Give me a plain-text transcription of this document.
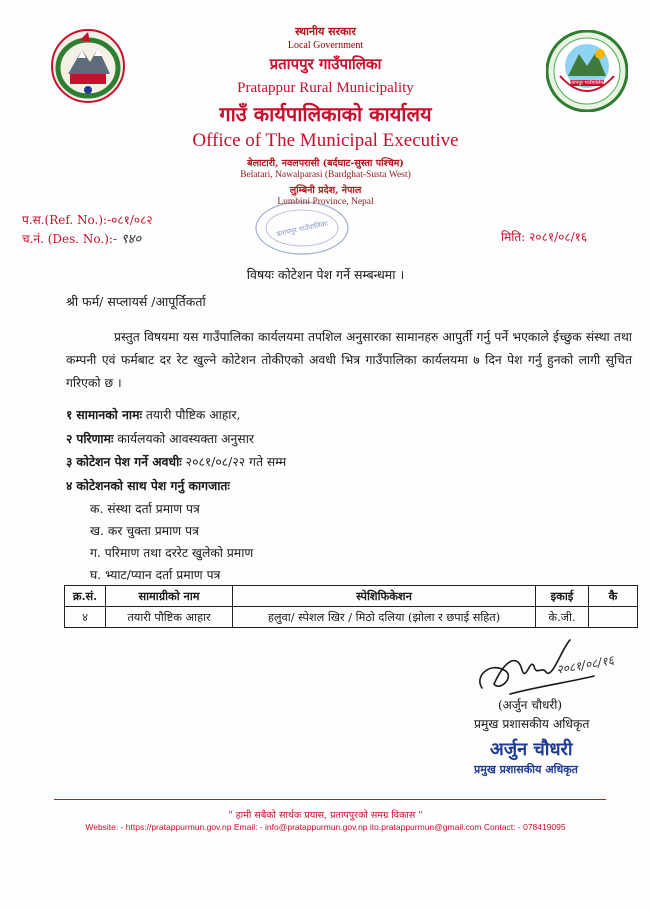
प्रतापपुर गाउँपालिका
स्थानीय सरकार
Local Government
प्रतापपुर गाउँपालिका
Pratappur Rural Municipality
गाउँ कार्यपालिकाको कार्यालय
Office of The Municipal Executive
बेलाटारी, नवलपरासी (बर्दघाट-सुस्ता पश्चिम)
Belatari, Nawalparasi (Bardghat-Susta West)
लुम्बिनी प्रदेश, नेपाल
Lumbini Province, Nepal
प्रतापपुर गाउँपालिका
प.स.(Ref. No.):-०८१/०८२
च.नं. (Des. No.):- ९४०	मिति: २०८१/०८/१६
विषयः कोटेशन पेश गर्ने सम्बन्धमा ।
श्री फर्म/ सप्लायर्स /आपूर्तिकर्ता
प्रस्तुत विषयमा यस गाउँपालिका कार्यलयमा तपशिल अनुसारका सामानहरु आपुर्ती गर्नु पर्ने भएकाले ईच्छुक संस्था तथा कम्पनी एवं फर्मबाट दर रेट खुल्ने कोटेशन तोकीएको अवधी भित्र गाउँपालिका कार्यलयमा ७ दिन पेश गर्नु हुनको लागी सुचित गरिएको छ ।
१ सामानको नामः तयारी पौष्टिक आहार,
२ परिणामः कार्यलयको आवस्यक्ता अनुसार
३ कोटेशन पेश गर्ने अवधीः २०८१/०८/२२ गते सम्म
४ कोटेशनको साथ पेश गर्नु कागजातः
क. संस्था दर्ता प्रमाण पत्र
ख. कर चुक्ता प्रमाण पत्र
ग. परिमाण तथा दररेट खुलेको प्रमाण
घ. भ्याट/प्यान दर्ता प्रमाण पत्र
क्र.सं.	सामाग्रीको नाम	स्पेशिफिकेशन	इकाई	कै
४	तयारी पौष्टिक आहार	हलुवा/ स्पेशल खिर / मिठो दलिया (झोला र छपाई सहित)	के.जी.	
२०८१/०८/१६
(अर्जुन चौधरी)
प्रमुख प्रशासकीय अधिकृत
अर्जुन चौधरी
प्रमुख प्रशासकीय अधिकृत
" हामी सबैको सार्थक प्रयास, प्रतापपुरको समग्र विकास "
Website: - https://pratappurmun.gov.np Email: - info@pratappurmun.gov.np ito.pratappurmun@gmail.com Contact: - 078419095
